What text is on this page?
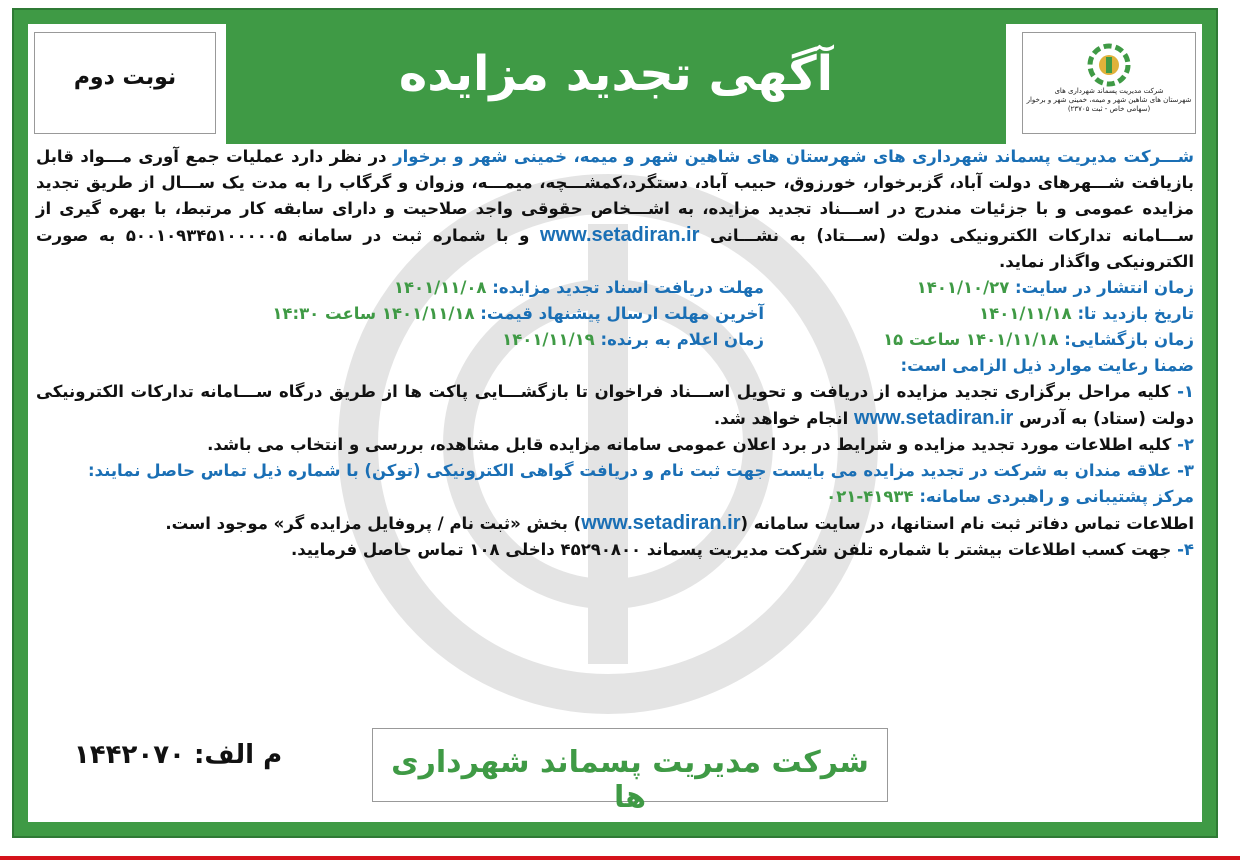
شرکت مدیریت پسماند شهرداری های
شهرستان های شاهین شهر و میمه، خمینی شهر و برخوار
(سهامی خاص - ثبت ۲۳۷۰۵)
آگهی تجدید مزایده
نوبت دوم

شـــرکت مدیریت پسماند شهرداری های شهرستان های شاهین شهر و میمه، خمینی شهر و برخوار در نظر دارد عملیات جمع آوری مـــواد قابل بازیافت شـــهرهای دولت آباد، گزبرخوار، خورزوق، حبیب آباد، دستگرد،کمشـــچه، میمـــه، وزوان و گرگاب را به مدت یک ســـال از طریق تجدید مزایده عمومی و با جزئیات مندرج در اســـناد تجدید مزایده، به اشـــخاص حقوقی واجد صلاحیت و دارای سابقه کار مرتبط، با بهره گیری از ســـامانه تدارکات الکترونیکی دولت (ســـتاد) به نشـــانی www.setadiran.ir و با شماره ثبت در سامانه ۵۰۰۱۰۹۳۴۵۱۰۰۰۰۰۵ به صورت الکترونیکی واگذار نماید.

زمان انتشار در سایت: ۱۴۰۱/۱۰/۲۷
تاریخ بازدید تا: ۱۴۰۱/۱۱/۱۸
زمان بازگشایی: ۱۴۰۱/۱۱/۱۸ ساعت ۱۵
مهلت دریافت اسناد تجدید مزایده: ۱۴۰۱/۱۱/۰۸
آخرین مهلت ارسال پیشنهاد قیمت: ۱۴۰۱/۱۱/۱۸ ساعت ۱۴:۳۰
زمان اعلام به برنده: ۱۴۰۱/۱۱/۱۹

ضمنا رعایت موارد ذیل الزامی است:

۱- کلیه مراحل برگزاری تجدید مزایده از دریافت و تحویل اســـناد فراخوان تا بازگشـــایی پاکت ها از طریق درگاه ســـامانه تدارکات الکترونیکی دولت (ستاد) به آدرس www.setadiran.ir انجام خواهد شد.

۲- کلیه اطلاعات مورد تجدید مزایده و شرایط در برد اعلان عمومی سامانه مزایده قابل مشاهده، بررسی و انتخاب می باشد.

۳- علاقه مندان به شرکت در تجدید مزایده می بایست جهت ثبت نام و دریافت گواهی الکترونیکی (توکن) با شماره ذیل تماس حاصل نمایند:

مرکز پشتیبانی و راهبردی سامانه: ۴۱۹۳۴-۰۲۱

اطلاعات تماس دفاتر ثبت نام استانها، در سایت سامانه (www.setadiran.ir) بخش «ثبت نام / پروفایل مزایده گر» موجود است.

۴- جهت کسب اطلاعات بیشتر با شماره تلفن شرکت مدیریت پسماند ۴۵۲۹۰۸۰۰ داخلی ۱۰۸ تماس حاصل فرمایید.

شرکت مدیریت پسماند شهرداری ها
م الف: ۱۴۴۲۰۷۰
